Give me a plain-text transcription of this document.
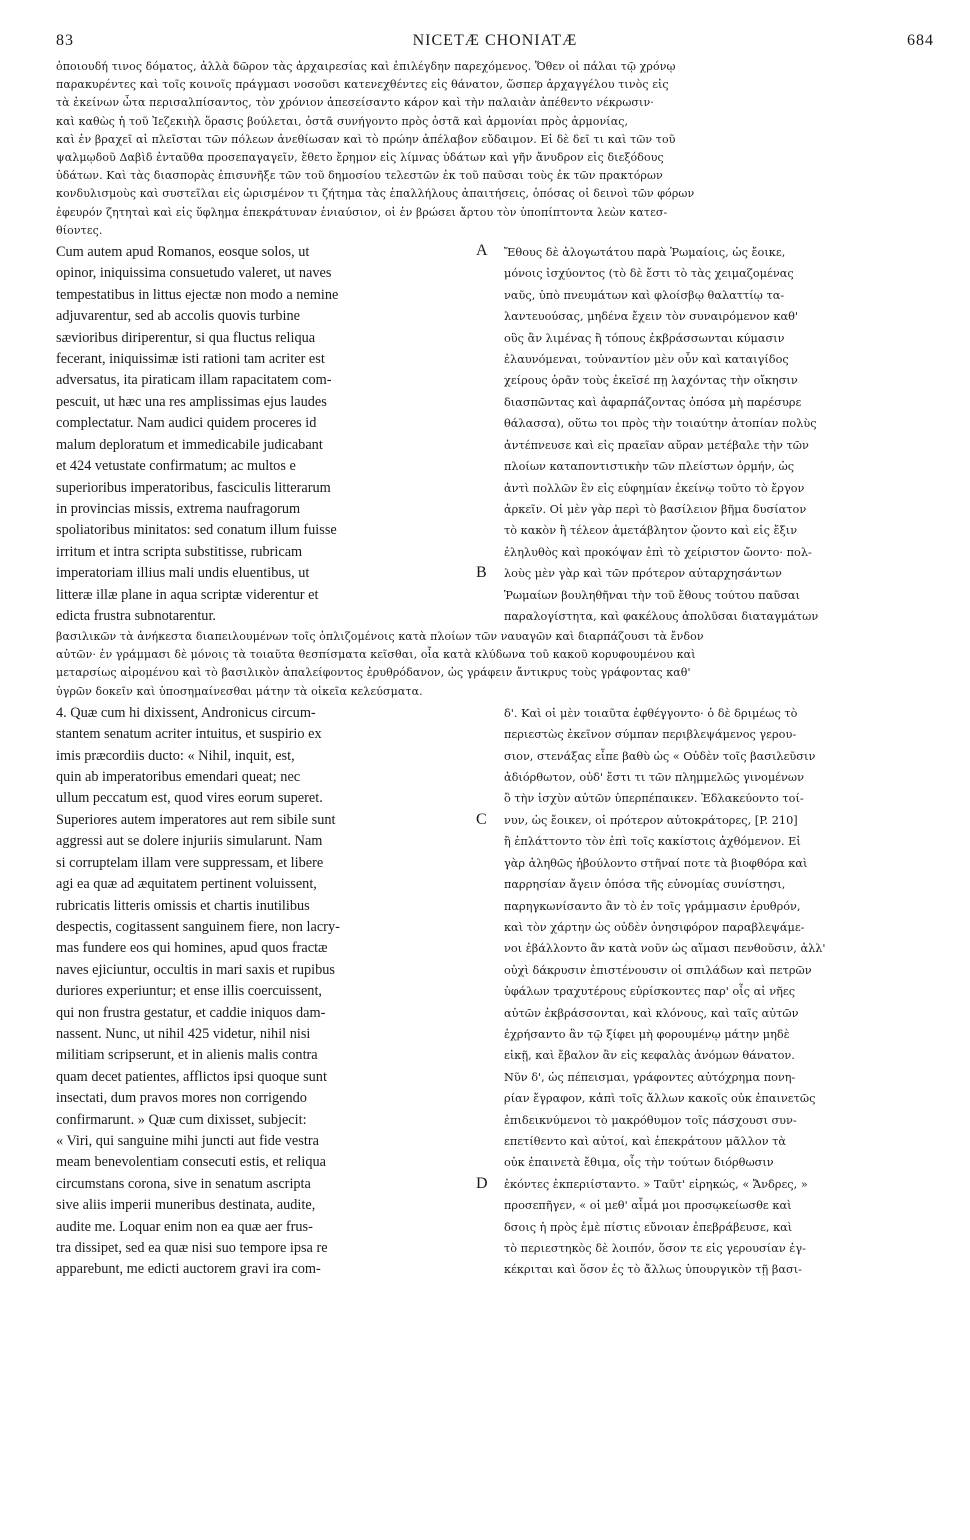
83	NICETÆ CHONIATÆ	684
ὁποιουδή τινος δόματος, ἀλλὰ δῶρον τὰς ἀρχαιρεσίας καὶ ἐπιλέγδην παρεχόμενος. Ὅθεν οἱ πάλαι τῷ χρόνῳ
παρακυρέντες καὶ τοῖς κοινοῖς πράγμασι νοσοῦσι κατενεχθέντες εἰς θάνατον, ὥσπερ ἀρχαγγέλου τινὸς εἰς
τὰ ἐκείνων ὦτα περισαλπίσαντος, τὸν χρόνιον ἀπεσείσαντο κάρον καὶ τὴν παλαιὰν ἀπέθεντο νέκρωσιν·
καὶ καθὼς ἡ τοῦ Ἰεζεκιὴλ ὅρασις βούλεται, ὀστᾶ συνήγοντο πρὸς ὀστᾶ καὶ ἁρμονίαι πρὸς ἁρμονίας,
καὶ ἐν βραχεῖ αἱ πλεῖσται τῶν πόλεων ἀνεθίωσαν καὶ τὸ πρώην ἀπέλαβον εὔδαιμον. Εἰ δὲ δεῖ τι καὶ τῶν τοῦ
ψαλμῳδοῦ Δαβὶδ ἐνταῦθα προσεπαγαγεῖν, ἔθετο ἔρημον εἰς λίμνας ὑδάτων καὶ γῆν ἄνυδρον εἰς διεξόδους
ὑδάτων. Καὶ τὰς διασπορὰς ἐπισυνῆξε τῶν τοῦ δημοσίου τελεστῶν ἐκ τοῦ παῦσαι τοὺς ἐκ τῶν πρακτόρων
κονδυλισμοὺς καὶ συστεῖλαι εἰς ὡρισμένον τι ζήτημα τὰς ἐπαλλήλους ἀπαιτήσεις, ὁπόσας οἱ δεινοὶ τῶν φόρων
ἐφευρόν ζητηταὶ καὶ εἰς ὕφλημα ἐπεκράτυναν ἐνιαύσιον, οἱ ἐν βρώσει ἄρτου τὸν ὑποπίπτοντα λεὼν κατεσ-
θίοντες.
Cum autem apud Romanos, eosque solos, ut
opinor, iniquissima consuetudo valeret, ut naves
tempestatibus in littus ejectæ non modo a nemine
adjuvarentur, sed ab accolis quovis turbine
sævioribus diriperentur, si qua fluctus reliqua
fecerant, iniquissimæ isti rationi tam acriter est
adversatus, ita piraticam illam rapacitatem com-
pescuit, ut hæc una res amplissimas ejus laudes
complectatur. Nam audici quidem proceres id
malum deploratum et immedicabile judicabant
et 424 vetustate confirmatum; ac multos e
superioribus imperatoribus, fasciculis litterarum
in provincias missis, extrema naufragorum
spoliatoribus minitatos: sed conatum illum fuisse
irritum et intra scripta substitisse, rubricam
imperatoriam illius mali undis eluentibus, ut
litteræ illæ plane in aqua scriptæ viderentur et
edicta frustra subnotarentur.
A
B
Ἔθους δὲ ἀλογωτάτου παρὰ Ῥωμαίοις, ὡς ἔοικε,
μόνοις ἰσχύοντος (τὸ δὲ ἔστι τὸ τὰς χειμαζομένας
ναῦς, ὑπὸ πνευμάτων καὶ φλοίσβῳ θαλαττίῳ τα-
λαντευούσας, μηδένα ἔχειν τὸν συναιρόμενον καθ'
οὓς ἂν λιμένας ἢ τόπους ἐκβράσσωνται κύμασιν
ἐλαυνόμεναι, τοὐναντίον μὲν οὖν καὶ καταιγίδος
χείρους ὁρᾶν τοὺς ἐκεῖσέ πῃ λαχόντας τὴν οἴκησιν
διασπῶντας καὶ ἀφαρπάζοντας ὁπόσα μὴ παρέσυρε
θάλασσα), οὕτω τοι πρὸς τὴν τοιαύτην ἀτοπίαν πολὺς
ἀντέπνευσε καὶ εἰς πραεῖαν αὔραν μετέβαλε τὴν τῶν
πλοίων καταποντιστικὴν τῶν πλείστων ὁρμήν, ὡς
ἀντὶ πολλῶν ἓν εἰς εὐφημίαν ἐκείνῳ τοῦτο τὸ ἔργον
ἀρκεῖν. Οἱ μὲν γὰρ περὶ τὸ βασίλειον βῆμα δυσίατον
τὸ κακὸν ἢ τέλεον ἀμετάβλητον ᾤοντο καὶ εἰς ἔξιν
ἐληλυθὸς καὶ προκόψαν ἐπὶ τὸ χείριστον ὤοντο· πολ-
λοὺς μὲν γὰρ καὶ τῶν πρότερον αὐταρχησάντων
Ῥωμαίων βουληθῆναι τὴν τοῦ ἔθους τούτου παῦσαι
παραλογίστητα, καὶ φακέλους ἀπολῦσαι διαταγμάτων
βασιλικῶν τὰ ἀνήκεστα διαπειλουμένων τοῖς ὁπλιζομένοις κατὰ πλοίων τῶν ναυαγῶν καὶ διαρπάζουσι τὰ ἔνδον
αὐτῶν· ἐν γράμμασι δὲ μόνοις τὰ τοιαῦτα θεσπίσματα κεῖσθαι, οἷα κατὰ κλύδωνα τοῦ κακοῦ κορυφουμένου καὶ
μεταρσίως αἰρομένου καὶ τὸ βασιλικὸν ἀπαλείφοντος ἐρυθρόδανον, ὡς γράφειν ἄντικρυς τοὺς γράφοντας καθ'
ὑγρῶν δοκεῖν καὶ ὑποσημαίνεσθαι μάτην τὰ οἰκεῖα κελεύσματα.
4. Quæ cum hi dixissent, Andronicus circum-
stantem senatum acriter intuitus, et suspirio ex
imis præcordiis ducto: « Nihil, inquit, est,
quin ab imperatoribus emendari queat; nec
ullum peccatum est, quod vires eorum superet.
Superiores autem imperatores aut rem sibile sunt
aggressi aut se dolere injuriis simularunt. Nam
si corruptelam illam vere suppressam, et libere
agi ea quæ ad æquitatem pertinent voluissent,
rubricatis litteris omissis et chartis inutilibus
despectis, cogitassent sanguinem fiere, non lacry-
mas fundere eos qui homines, apud quos fractæ
naves ejiciuntur, occultis in mari saxis et rupibus
duriores experiuntur; et ense illis coercuissent,
qui non frustra gestatur, et caddie iniquos dam-
nassent. Nunc, ut nihil 425 videtur, nihil nisi
militiam scripserunt, et in alienis malis contra
quam decet patientes, afflictos ipsi quoque sunt
insectati, dum pravos mores non corrigendo
confirmarunt. » Quæ cum dixisset, subjecit:
« Viri, qui sanguine mihi juncti aut fide vestra
meam benevolentiam consecuti estis, et reliqua
circumstans corona, sive in senatum ascripta
sive aliis imperii muneribus destinata, audite,
audite me. Loquar enim non ea quæ aer frus-
tra dissipet, sed ea quæ nisi suo tempore ipsa re
apparebunt, me edicti auctorem gravi ira com-
C
D
δ'. Καὶ οἱ μὲν τοιαῦτα ἐφθέγγοντο· ὁ δὲ δριμέως τὸ
περιεστὼς ἐκεῖνον σύμπαν περιβλεψάμενος γερου-
σιον, στενάξας εἶπε βαθὺ ὡς « Οὐδὲν τοῖς βασιλεῦσιν
ἀδιόρθωτον, οὐδ' ἔστι τι τῶν πλημμελῶς γινομένων
ὃ τὴν ἰσχὺν αὐτῶν ὑπερπέπαικεν. Ἐδλακεύοντο τοί-
νυν, ὡς ἔοικεν, οἱ πρότερον αὐτοκράτορες, [P. 210]
ἢ ἐπλάττοντο τὸν ἐπὶ τοῖς κακίστοις ἀχθόμενον. Εἰ
γὰρ ἀληθῶς ἠβούλοντο στῆναί ποτε τὰ βιοφθόρα καὶ
παρρησίαν ἄγειν ὁπόσα τῆς εὐνομίας συνίστησι,
παρηγκωνίσαντο ἂν τὸ ἐν τοῖς γράμμασιν ἐρυθρόν,
καὶ τὸν χάρτην ὡς οὐδὲν ὀνησιφόρον παραβλεψάμε-
νοι ἐβάλλοντο ἂν κατὰ νοῦν ὡς αἵμασι πενθοῦσιν, ἀλλ'
οὐχὶ δάκρυσιν ἐπιστένουσιν οἱ σπιλάδων καὶ πετρῶν
ὑφάλων τραχυτέρους εὑρίσκοντες παρ' οἷς αἱ νῆες
αὐτῶν ἐκβράσσονται, καὶ κλόνους, καὶ ταῖς αὐτῶν
ἐχρήσαντο ἂν τῷ ξίφει μὴ φορουμένῳ μάτην μηδὲ
εἰκῇ, καὶ ἔβαλον ἂν εἰς κεφαλὰς ἀνόμων θάνατον.
Νῦν δ', ὡς πέπεισμαι, γράφοντες αὐτόχρημα πονη-
ρίαν ἔγραφον, κἀπὶ τοῖς ἄλλων κακοῖς οὐκ ἐπαινετῶς
ἐπιδεικνύμενοι τὸ μακρόθυμον τοῖς πάσχουσι συν-
επετίθεντο καὶ αὐτοί, καὶ ἐπεκράτουν μᾶλλον τὰ
οὐκ ἐπαινετὰ ἔθιμα, οἷς τὴν τούτων διόρθωσιν
ἑκόντες ἐκπεριίσταντο. » Ταῦτ' εἰρηκώς, « Ἄνδρες, »
προσεπῆγεν, « οἱ μεθ' αἷμά μοι προσῳκείωσθε καὶ
δσοις ἡ πρὸς ἐμὲ πίστις εὔνοιαν ἐπεβράβευσε, καὶ
τὸ περιεστηκὸς δὲ λοιπόν, ὅσον τε εἰς γερουσίαν ἐγ-
κέκριται καὶ ὅσον ἐς τὸ ἄλλως ὑπουργικὸν τῇ βασι-
